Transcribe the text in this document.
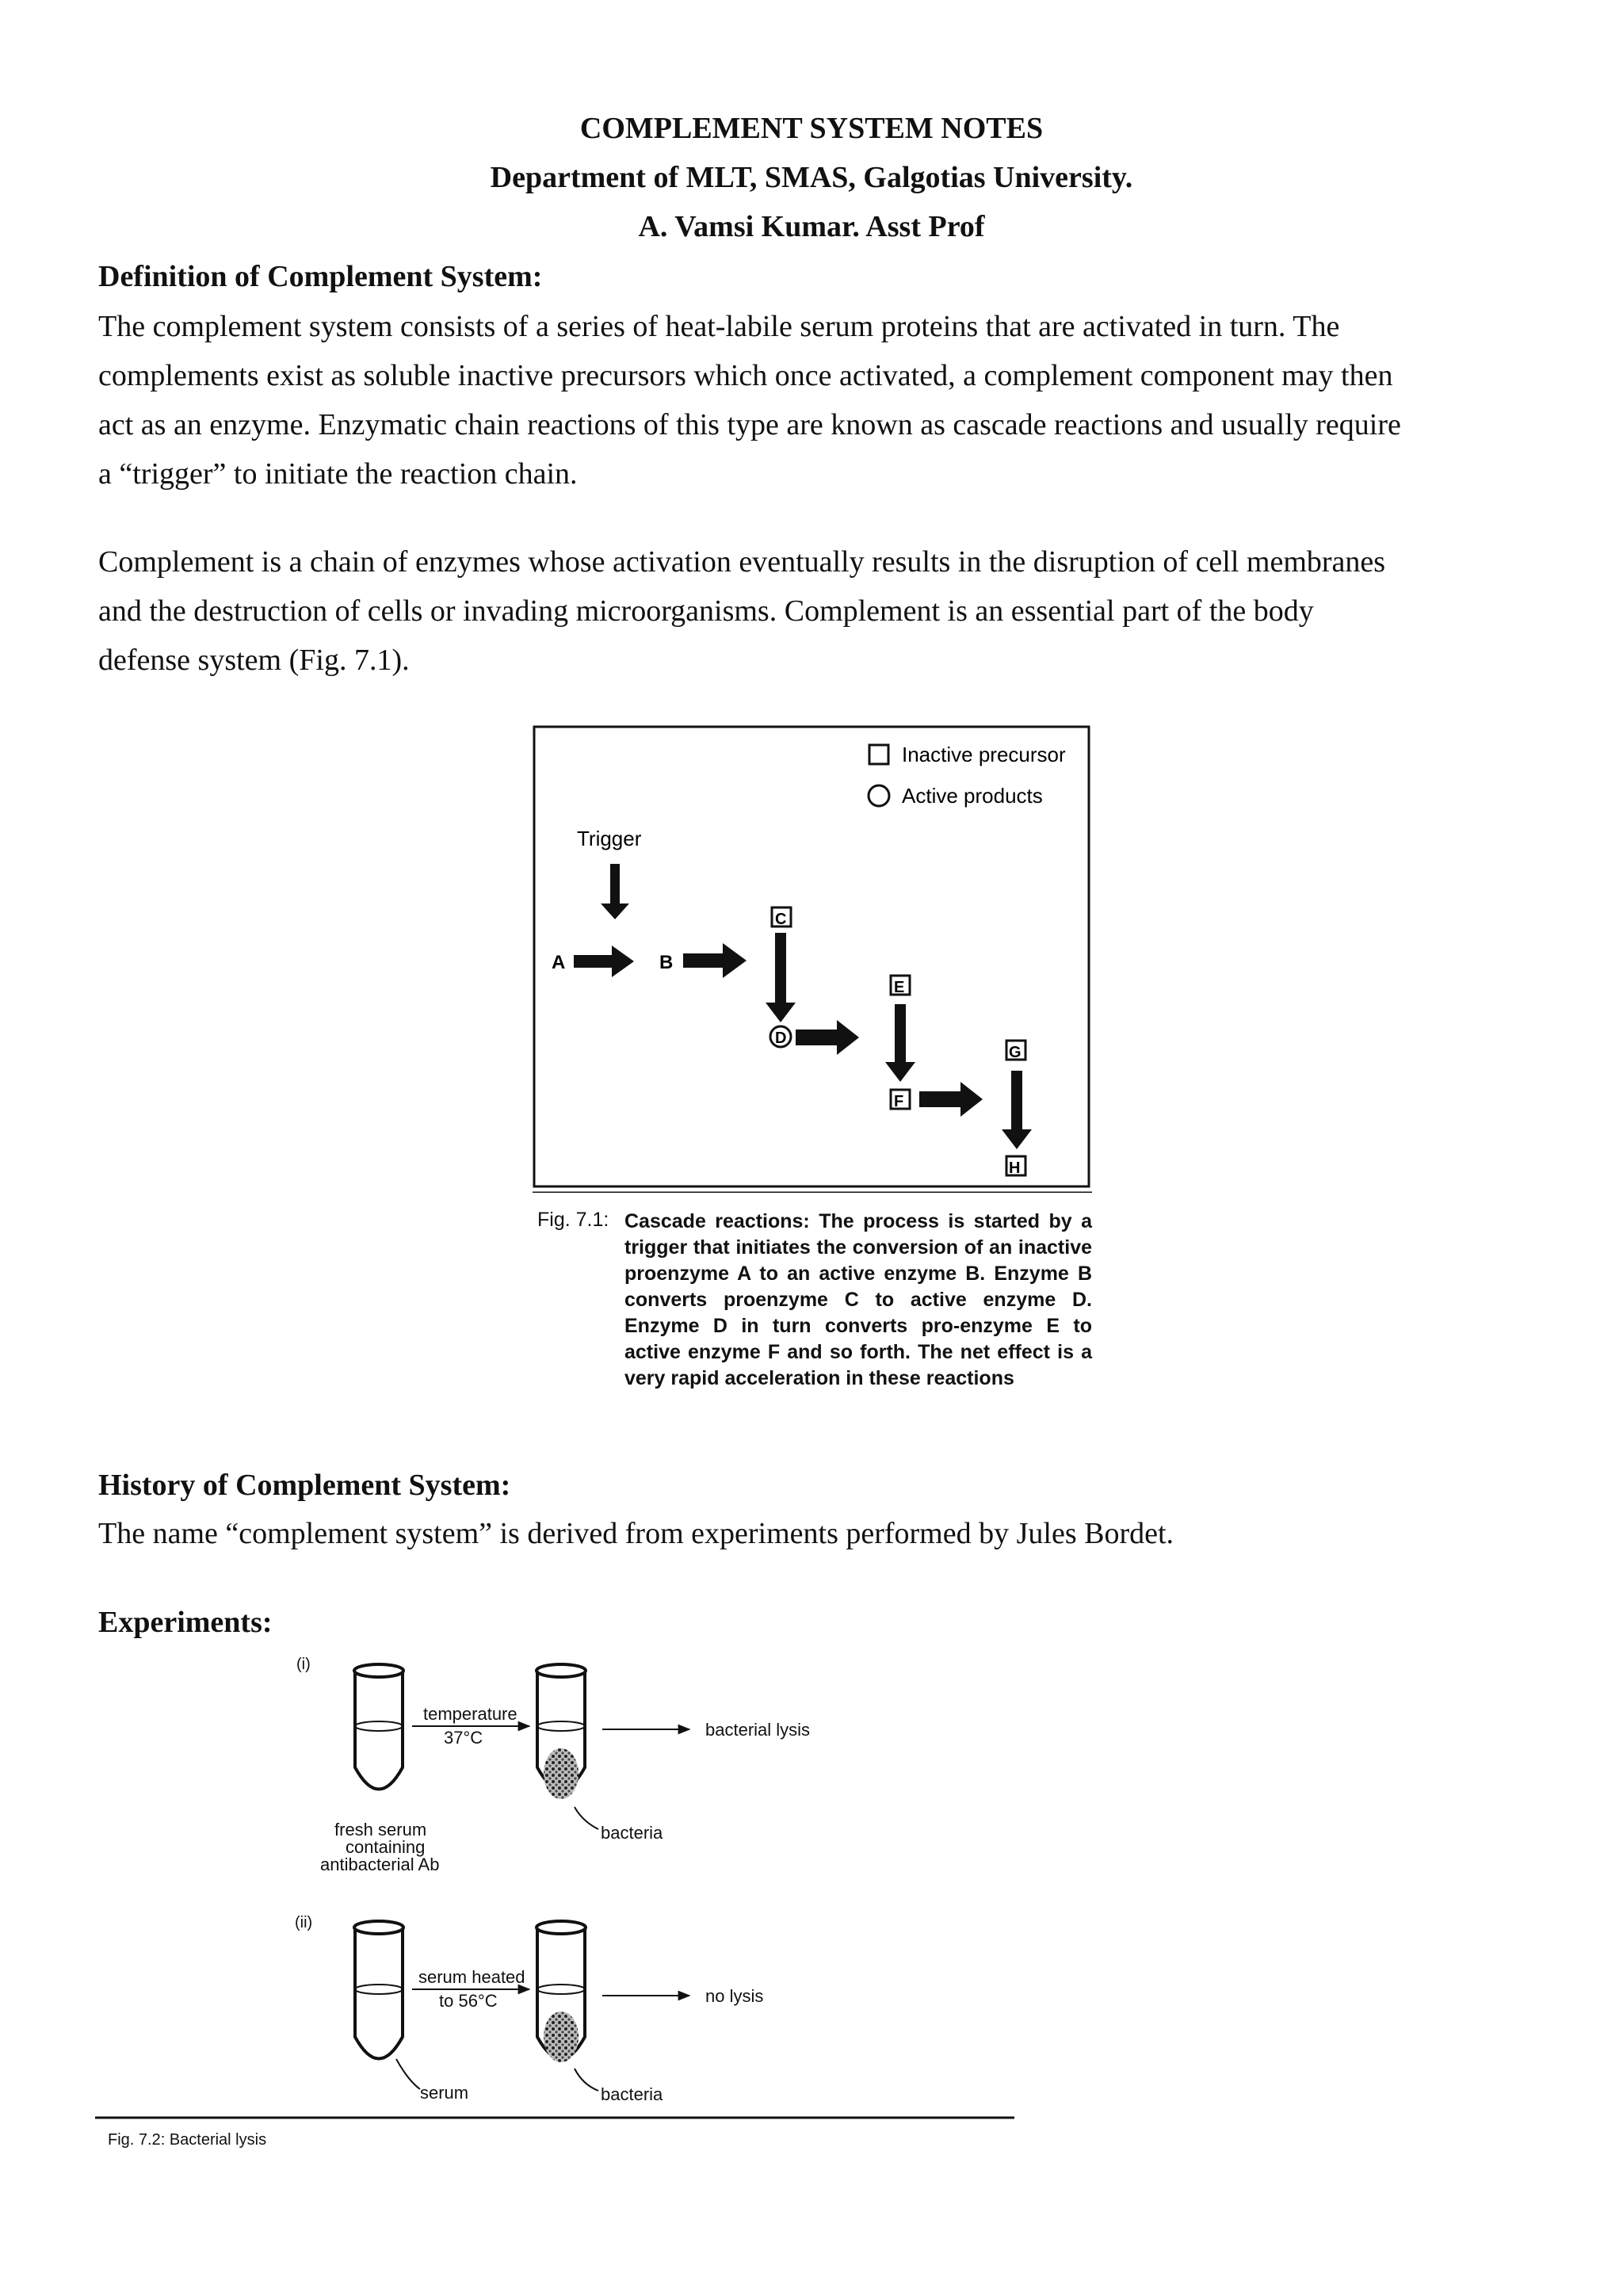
COMPLEMENT SYSTEM NOTES
Department of MLT, SMAS, Galgotias University.
A. Vamsi Kumar. Asst Prof
Definition of Complement System:
The complement system consists of a series of heat-labile serum proteins that are activated in turn. The
complements exist as soluble inactive precursors which once activated, a complement component may then
act as an enzyme. Enzymatic chain reactions of this type are known as cascade reactions and usually require
a “trigger” to initiate the reaction chain.
Complement is a chain of enzymes whose activation eventually results in the disruption of cell membranes
and the destruction of cells or invading microorganisms. Complement is an essential part of the body
defense system (Fig. 7.1).
Inactive precursor
Active products
Trigger
A	B
C
D
E
F
G
H
Fig. 7.1: Cascade reactions: The process is started by a trigger that initiates the conversion of an inactive proenzyme A to an active enzyme B. Enzyme B converts proenzyme C to active enzyme D. Enzyme D in turn converts pro-enzyme E to active enzyme F and so forth. The net effect is a very rapid acceleration in these reactions
History of Complement System:
The name “complement system” is derived from experiments performed by Jules Bordet.
Experiments:
(i)
temperature
37°C	bacterial lysis
bacteria
fresh serum
containing
antibacterial Ab
(ii)
serum heated
to 56°C	no lysis
serum	bacteria
Fig. 7.2: Bacterial lysis
